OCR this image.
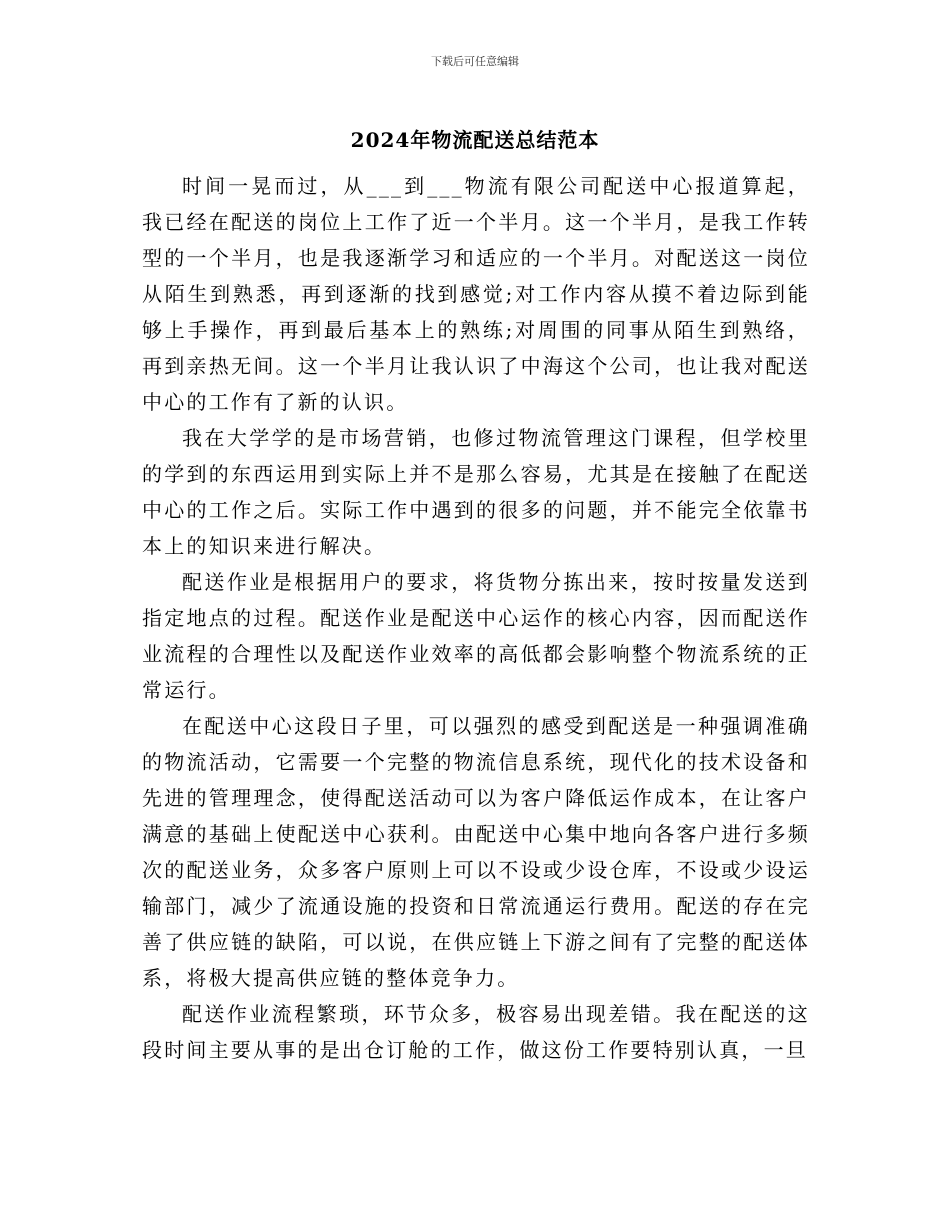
下载后可任意编辑
2024年物流配送总结范本

时间一晃而过，从___到___物流有限公司配送中心报道算起，我已经在配送的岗位上工作了近一个半月。这一个半月，是我工作转型的一个半月，也是我逐渐学习和适应的一个半月。对配送这一岗位从陌生到熟悉，再到逐渐的找到感觉;对工作内容从摸不着边际到能够上手操作，再到最后基本上的熟练;对周围的同事从陌生到熟络，再到亲热无间。这一个半月让我认识了中海这个公司，也让我对配送中心的工作有了新的认识。

我在大学学的是市场营销，也修过物流管理这门课程，但学校里的学到的东西运用到实际上并不是那么容易，尤其是在接触了在配送中心的工作之后。实际工作中遇到的很多的问题，并不能完全依靠书本上的知识来进行解决。

配送作业是根据用户的要求，将货物分拣出来，按时按量发送到指定地点的过程。配送作业是配送中心运作的核心内容，因而配送作业流程的合理性以及配送作业效率的高低都会影响整个物流系统的正常运行。

在配送中心这段日子里，可以强烈的感受到配送是一种强调准确的物流活动，它需要一个完整的物流信息系统，现代化的技术设备和先进的管理理念，使得配送活动可以为客户降低运作成本，在让客户满意的基础上使配送中心获利。由配送中心集中地向各客户进行多频次的配送业务，众多客户原则上可以不设或少设仓库，不设或少设运输部门，减少了流通设施的投资和日常流通运行费用。配送的存在完善了供应链的缺陷，可以说，在供应链上下游之间有了完整的配送体系，将极大提高供应链的整体竞争力。

配送作业流程繁琐，环节众多，极容易出现差错。我在配送的这段时间主要从事的是出仓订舱的工作，做这份工作要特别认真，一旦
